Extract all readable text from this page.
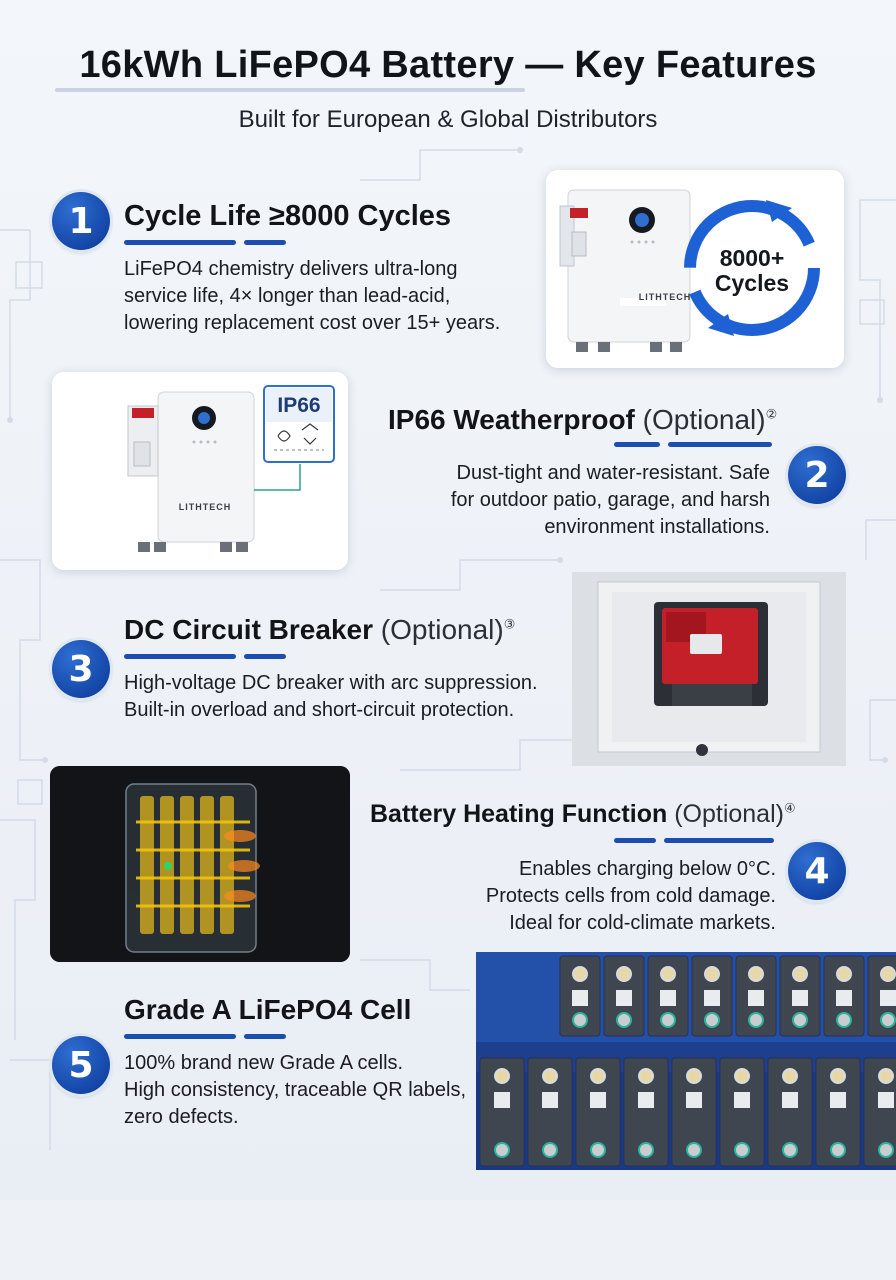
16kWh LiFePO4 Battery — Key Features
Built for European & Global Distributors
1	Cycle Life ≥8000 Cycles
LiFePO4 chemistry delivers ultra-long
service life, 4× longer than lead-acid,
lowering replacement cost over 15+ years.
LITHTECH
8000+
Cycles
IP66
LITHTECH
IP66 Weatherproof (Optional)②
Dust-tight and water-resistant. Safe
for outdoor patio, garage, and harsh
environment installations.
2
DC Circuit Breaker (Optional)③
3	High-voltage DC breaker with arc suppression.
Built-in overload and short-circuit protection.
Battery Heating Function (Optional)④
Enables charging below 0°C.
Protects cells from cold damage.
Ideal for cold-climate markets.
4
Grade A LiFePO4 Cell
5	100% brand new Grade A cells.
High consistency, traceable QR labels,
zero defects.
